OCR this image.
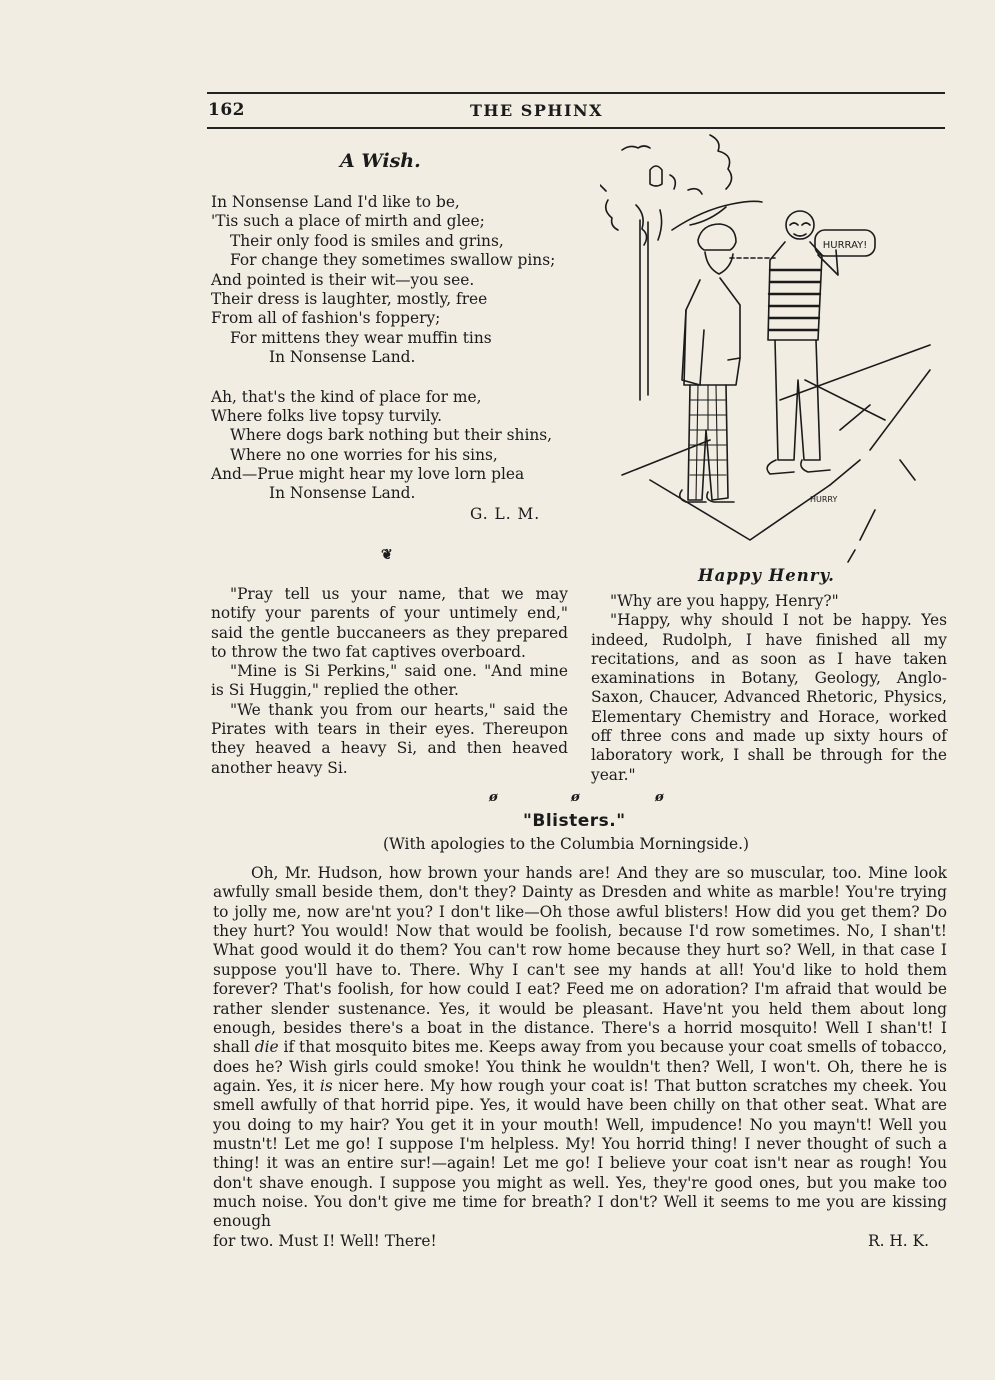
162	THE SPHINX
A Wish.
In Nonsense Land I'd like to be,
'Tis such a place of mirth and glee;
Their only food is smiles and grins,
For change they sometimes swallow pins;
And pointed is their wit—you see.
Their dress is laughter, mostly, free
From all of fashion's foppery;
For mittens they wear muffin tins
In Nonsense Land.
Ah, that's the kind of place for me,
Where folks live topsy turvily.
Where dogs bark nothing but their shins,
Where no one worries for his sins,
And—Prue might hear my love lorn plea
In Nonsense Land.
G. L. M.
❦

"Pray tell us your name, that we may notify your parents of your untimely end," said the gentle buccaneers as they prepared to throw the two fat captives overboard.

"Mine is Si Perkins," said one. "And mine is Si Huggin," replied the other.

"We thank you from our hearts," said the Pirates with tears in their eyes. Thereupon they heaved a heavy Si, and then heaved another heavy Si.

HURRAY!
HURRY
Happy Henry.

"Why are you happy, Henry?"

"Happy, why should I not be happy. Yes indeed, Rudolph, I have finished all my recitations, and as soon as I have taken examinations in Botany, Geology, Anglo-Saxon, Chaucer, Advanced Rhetoric, Physics, Elementary Chemistry and Horace, worked off three cons and made up sixty hours of laboratory work, I shall be through for the year."

ø	ø	ø
"Blisters."
(With apologies to the Columbia Morningside.)

Oh, Mr. Hudson, how brown your hands are! And they are so muscular, too. Mine look awfully small beside them, don't they? Dainty as Dresden and white as marble! You're trying to jolly me, now are'nt you? I don't like—Oh those awful blisters! How did you get them? Do they hurt? You would! Now that would be foolish, because I'd row sometimes. No, I shan't! What good would it do them? You can't row home because they hurt so? Well, in that case I suppose you'll have to. There. Why I can't see my hands at all! You'd like to hold them forever? That's foolish, for how could I eat? Feed me on adoration? I'm afraid that would be rather slender sustenance. Yes, it would be pleasant. Have'nt you held them about long enough, besides there's a boat in the distance. There's a horrid mosquito! Well I shan't! I shall die if that mosquito bites me. Keeps away from you because your coat smells of tobacco, does he? Wish girls could smoke! You think he wouldn't then? Well, I won't. Oh, there he is again. Yes, it is nicer here. My how rough your coat is! That button scratches my cheek. You smell awfully of that horrid pipe. Yes, it would have been chilly on that other seat. What are you doing to my hair? You get it in your mouth! Well, impudence! No you mayn't! Well you mustn't! Let me go! I suppose I'm helpless. My! You horrid thing! I never thought of such a thing! it was an entire sur!—again! Let me go! I believe your coat isn't near as rough! You don't shave enough. I suppose you might as well. Yes, they're good ones, but you make too much noise. You don't give me time for breath? I don't? Well it seems to me you are kissing enough

for two. Must I! Well! There!	R. H. K.
